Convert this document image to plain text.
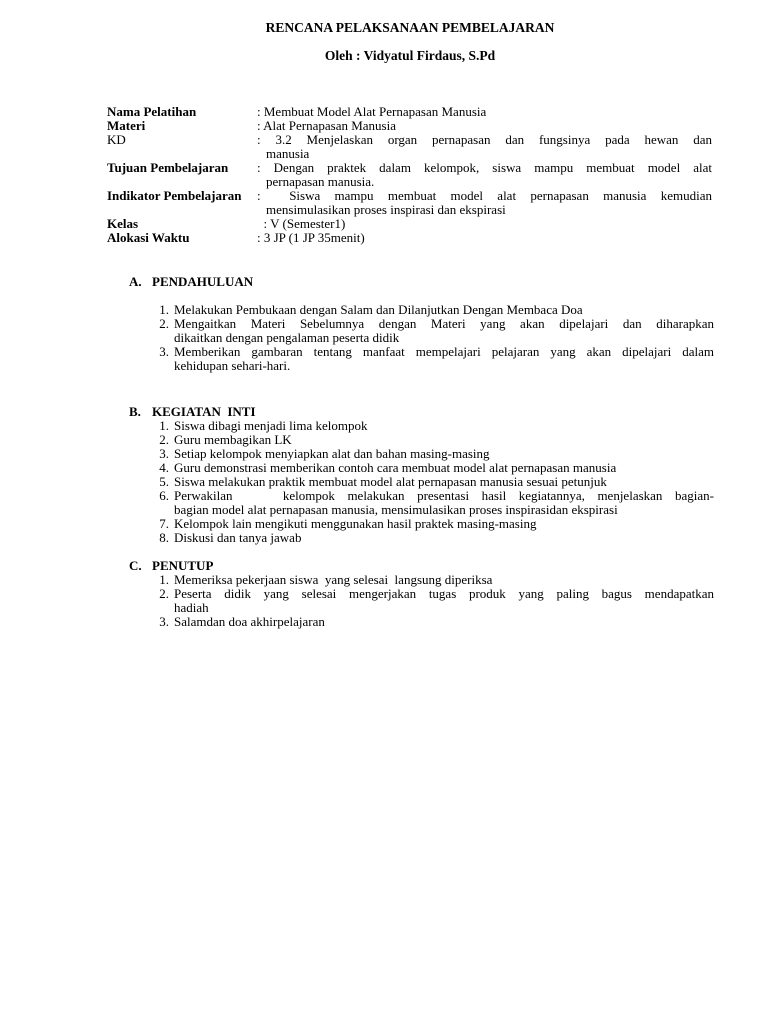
RENCANA PELAKSANAAN PEMBELAJARAN
Oleh : Vidyatul Firdaus, S.Pd
Nama Pelatihan	: Membuat Model Alat Pernapasan Manusia
Materi	: Alat Pernapasan Manusia
KD	: 3.2 Menjelaskan organ pernapasan dan fungsinya pada hewan dan
manusia
Tujuan Pembelajaran	: Dengan praktek dalam kelompok, siswa mampu membuat model alat
pernapasan manusia.
Indikator Pembelajaran	:    Siswa  mampu  membuat  model  alat  pernapasan  manusia  kemudian
mensimulasikan proses inspirasi dan ekspirasi
Kelas	: V (Semester1)
Alokasi Waktu	: 3 JP (1 JP 35menit)
A. PENDAHULUAN
1. Melakukan Pembukaan dengan Salam dan Dilanjutkan Dengan Membaca Doa
2. Mengaitkan Materi Sebelumnya dengan Materi yang akan dipelajari dan diharapkan
dikaitkan dengan pengalaman peserta didik
3. Memberikan gambaran tentang manfaat mempelajari pelajaran yang akan dipelajari dalam
kehidupan sehari-hari.
B. KEGIATAN  INTI
1. Siswa dibagi menjadi lima kelompok
2. Guru membagikan LK
3. Setiap kelompok menyiapkan alat dan bahan masing-masing
4. Guru demonstrasi memberikan contoh cara membuat model alat pernapasan manusia
5. Siswa melakukan praktik membuat model alat pernapasan manusia sesuai petunjuk
6. Perwakilan    kelompok melakukan presentasi hasil kegiatannya, menjelaskan bagian-
bagian model alat pernapasan manusia, mensimulasikan proses inspirasidan ekspirasi
7. Kelompok lain mengikuti menggunakan hasil praktek masing-masing
8. Diskusi dan tanya jawab
C. PENUTUP
1. Memeriksa pekerjaan siswa  yang selesai  langsung diperiksa
2. Peserta didik yang selesai mengerjakan tugas produk yang paling bagus mendapatkan
hadiah
3. Salamdan doa akhirpelajaran
